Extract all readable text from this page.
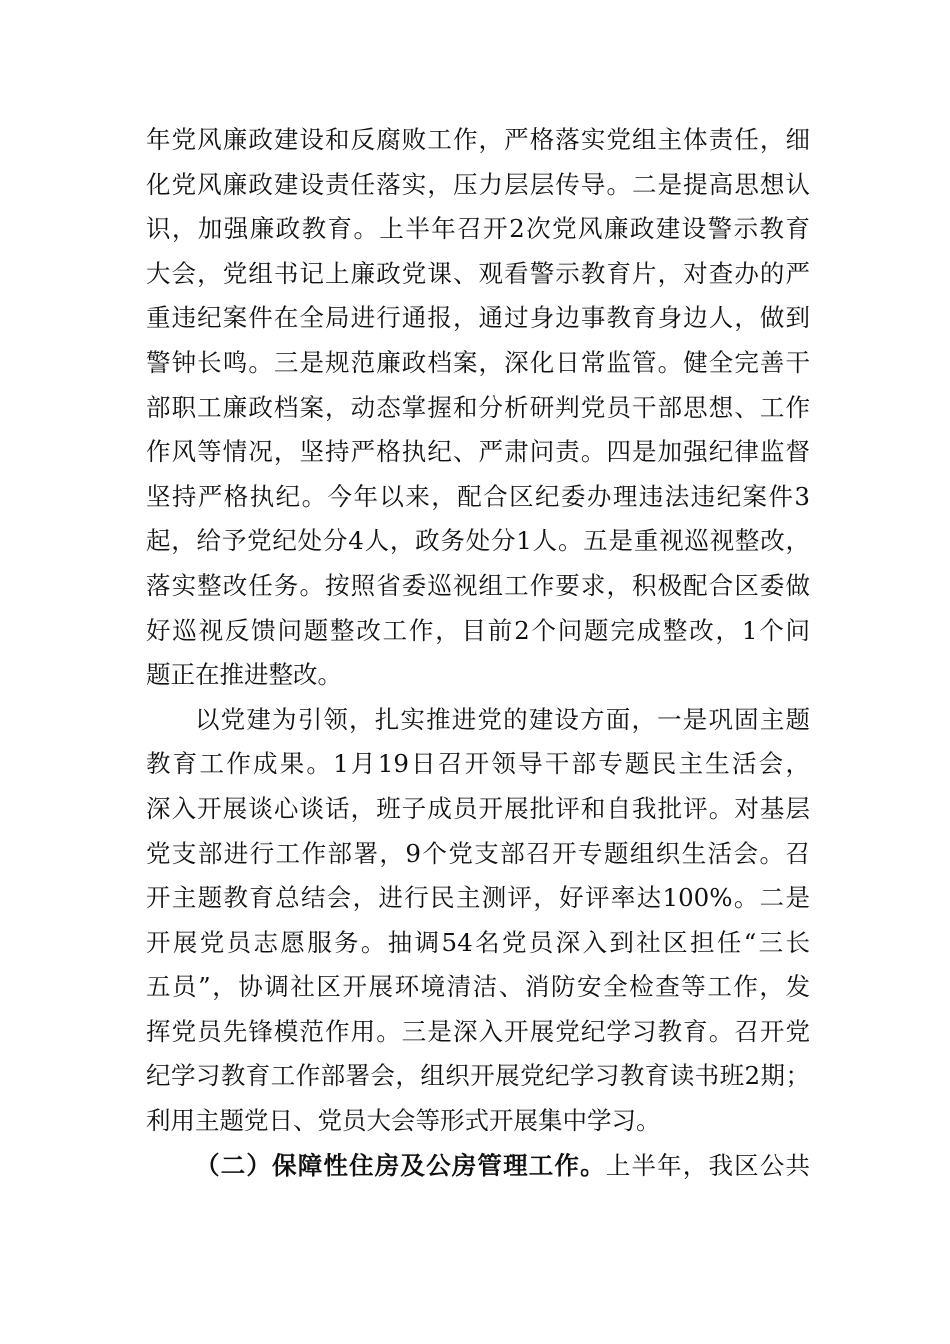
年党风廉政建设和反腐败工作，严格落实党组主体责任，细
化党风廉政建设责任落实，压力层层传导。二是提高思想认
识，加强廉政教育。上半年召开2次党风廉政建设警示教育
大会，党组书记上廉政党课、观看警示教育片，对查办的严
重违纪案件在全局进行通报，通过身边事教育身边人，做到
警钟长鸣。三是规范廉政档案，深化日常监管。健全完善干
部职工廉政档案，动态掌握和分析研判党员干部思想、工作
作风等情况，坚持严格执纪、严肃问责。四是加强纪律监督
坚持严格执纪。今年以来，配合区纪委办理违法违纪案件3
起，给予党纪处分4人，政务处分1人。五是重视巡视整改，
落实整改任务。按照省委巡视组工作要求，积极配合区委做
好巡视反馈问题整改工作，目前2个问题完成整改，1个问
题正在推进整改。
以党建为引领，扎实推进党的建设方面，一是巩固主题
教育工作成果。1月19日召开领导干部专题民主生活会，
深入开展谈心谈话，班子成员开展批评和自我批评。对基层
党支部进行工作部署，9个党支部召开专题组织生活会。召
开主题教育总结会，进行民主测评，好评率达100%。二是
开展党员志愿服务。抽调54名党员深入到社区担任“三长
五员”，协调社区开展环境清洁、消防安全检查等工作，发
挥党员先锋模范作用。三是深入开展党纪学习教育。召开党
纪学习教育工作部署会，组织开展党纪学习教育读书班2期；
利用主题党日、党员大会等形式开展集中学习。
（二）保障性住房及公房管理工作。上半年，我区公共
